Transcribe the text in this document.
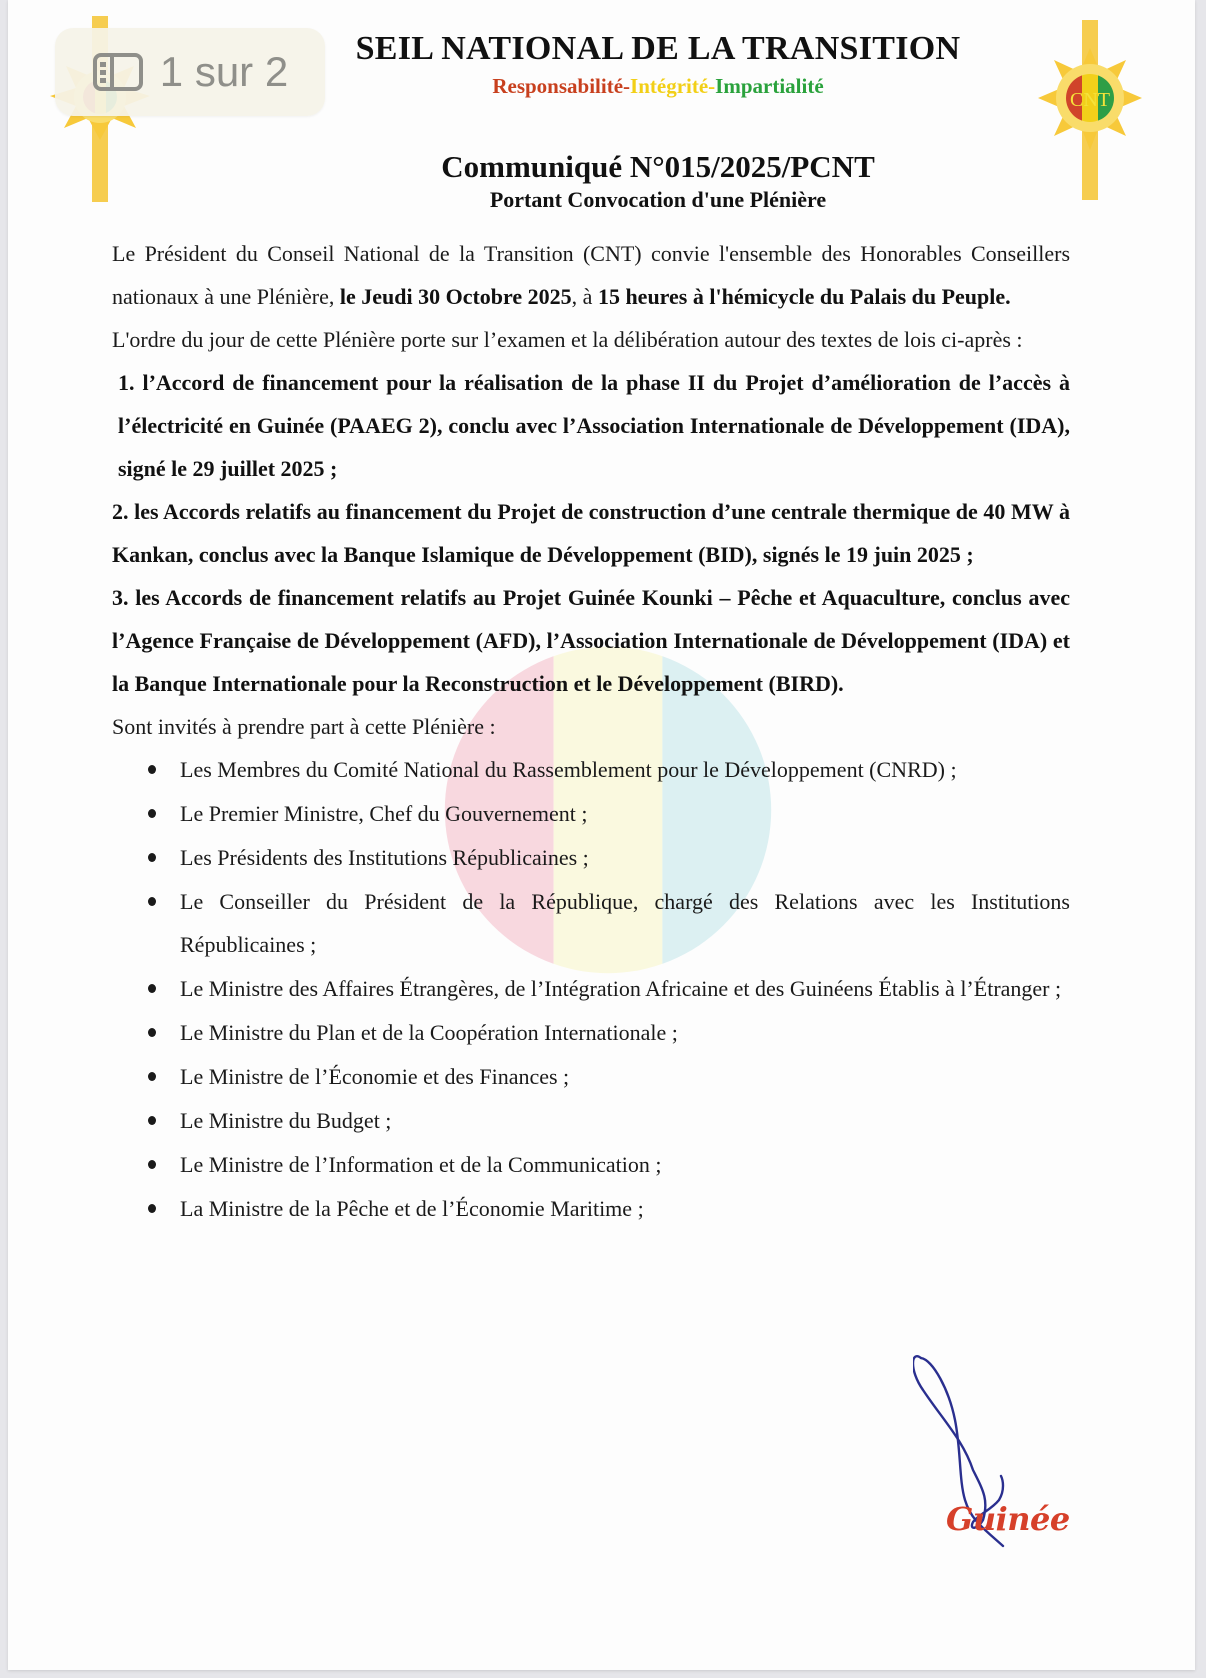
CNT
SEIL NATIONAL DE LA TRANSITION
Responsabilité-Intégrité-Impartialité
Communiqué N°015/2025/PCNT
Portant Convocation d'une Plénière

Le Président du Conseil National de la Transition (CNT) convie l'ensemble des Honorables Conseillers nationaux à une Plénière, le Jeudi 30 Octobre 2025, à 15 heures à l'hémicycle du Palais du Peuple.

L'ordre du jour de cette Plénière porte sur l’examen et la délibération autour des textes de lois ci-après :

1. l’Accord de financement pour la réalisation de la phase II du Projet d’amélioration de l’accès à l’électricité en Guinée (PAAEG 2), conclu avec l’Association Internationale de Développement (IDA), signé le 29 juillet 2025 ;

2. les Accords relatifs au financement du Projet de construction d’une centrale thermique de 40 MW à Kankan, conclus avec la Banque Islamique de Développement (BID), signés le 19 juin 2025 ;

3. les Accords de financement relatifs au Projet Guinée Kounki – Pêche et Aquaculture, conclus avec l’Agence Française de Développement (AFD), l’Association Internationale de Développement (IDA) et la Banque Internationale pour la Reconstruction et le Développement (BIRD).

Sont invités à prendre part à cette Plénière :

Les Membres du Comité National du Rassemblement pour le Développement (CNRD) ;
Le Premier Ministre, Chef du Gouvernement ;
Les Présidents des Institutions Républicaines ;
Le Conseiller du Président de la République, chargé des Relations avec les Institutions Républicaines ;
Le Ministre des Affaires Étrangères, de l’Intégration Africaine et des Guinéens Établis à l’Étranger ;
Le Ministre du Plan et de la Coopération Internationale ;
Le Ministre de l’Économie et des Finances ;
Le Ministre du Budget ;
Le Ministre de l’Information et de la Communication ;
La Ministre de la Pêche et de l’Économie Maritime ;
Guinée
1 sur 2
